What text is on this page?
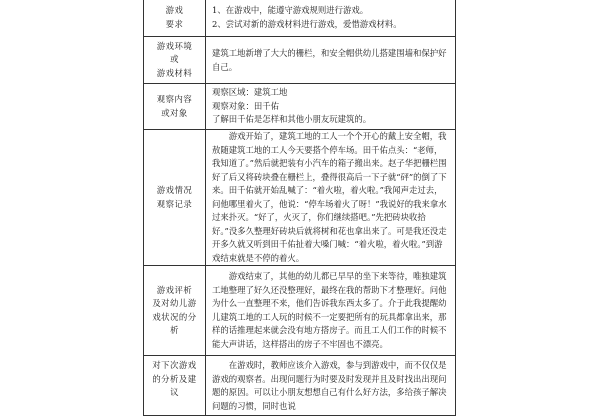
游戏
要求	1、在游戏中，能遵守游戏规则进行游戏。
2、尝试对新的游戏材料进行游戏，爱惜游戏材料。

游戏环境
或
游戏材料	建筑工地新增了大大的栅栏，和安全帽供幼儿搭建围墙和保护好自己。

观察内容
或对象	观察区域：建筑工地
观察对象：田千佑
了解田千佑是怎样和其他小朋友玩建筑的。

游戏情况
观察记录	游戏开始了，建筑工地的工人一个个开心的戴上安全帽，我敖随建筑工地的工人今天要搭个停车场。田千佑点头：“老师，我知道了。”然后就把装有小汽车的箱子搬出来。赵子华把栅栏围好了后又将砖块叠在栅栏上，叠得很高后一下子就“砰”的倒了下来。田千佑就开始乱喊了：“着火啦，着火啦。”我闻声走过去，问他哪里着火了，他说：“停车场着火了呀！”我说好的我来拿水过来扑灭。“好了，火灭了，你们继续搭吧。”先把砖块收拾好。”没多久整理好砖块后就将树和花也拿出来了。可是我还没走开多久就又听到田千佑扯着大嗓门喊：“着火啦，着火啦。”到游戏结束就是不停的着火。

游戏评析
及对幼儿游
戏状况的分
析	游戏结束了，其他的幼儿都已早早的坐下来等待，唯独建筑工地整理了好久还没整理好，最终在我的帮助下才整理好。问他为什么一直整理不来，他们告诉我东西太多了。介于此我提醒幼儿建筑工地的工人玩的时候不一定要把所有的玩具都拿出来，那样的话推理起来就会没有地方搭房子。而且工人们工作的时候不能大声讲话，这样搭出的房子不牢固也不漂亮。

对下次游戏
的分析及建
议	在游戏时，教师应该介入游戏，参与到游戏中，而不仅仅是游戏的观察者。出现问题行为时要及时发现并且及时找出出现问题的原因。可以让小朋友想想自己有什么好方法，多给孩子解决问题的习惯，同时也说
